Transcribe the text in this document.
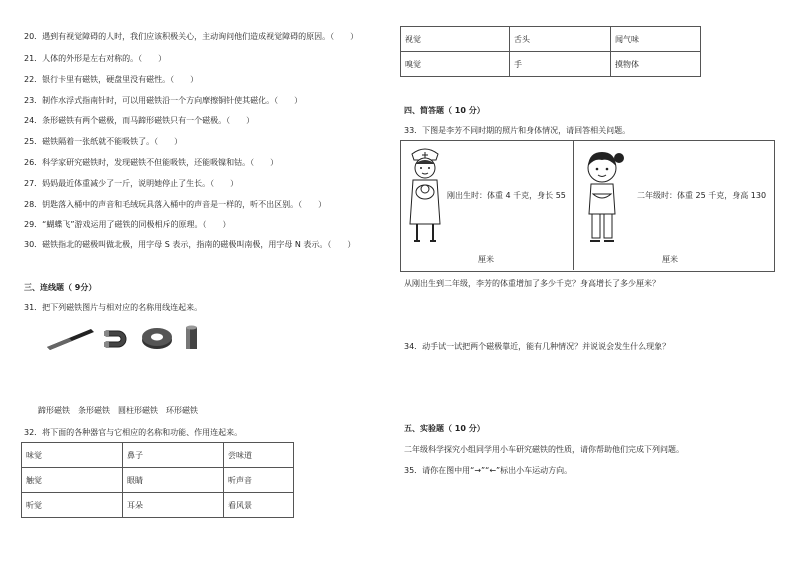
20．遇到有视觉障碍的人时，我们应该积极关心，主动询问他们造成视觉障碍的原因。（　　）
21．人体的外形是左右对称的。（　　）
22．银行卡里有磁铁，硬盘里没有磁性。（　　）
23．制作水浮式指南针时，可以用磁铁沿一个方向摩擦铜针使其磁化。（　　）
24．条形磁铁有两个磁极，而马蹄形磁铁只有一个磁极。（　　）
25．磁铁隔着一张纸就不能吸铁了。（　　）
26．科学家研究磁铁时，发现磁铁不但能吸铁，还能吸镍和钴。（　　）
27．妈妈最近体重减少了一斤，说明她停止了生长。（　　）
28．钥匙落入桶中的声音和毛绒玩具落入桶中的声音是一样的，听不出区别。（　　）
29．“蝴蝶飞”游戏运用了磁铁的同极相斥的原理。（　　）
30．磁铁指北的磁极叫做北极，用字母 S 表示，指南的磁极叫南极，用字母 N 表示。（　　）
三、连线题（ 9分）
31．把下列磁铁图片与相对应的名称用线连起来。
蹄形磁铁　条形磁铁　圆柱形磁铁　环形磁铁
32．将下面的各种器官与它相应的名称和功能、作用连起来。
味觉	鼻子	尝味道
触觉	眼睛	听声音
听觉	耳朵	看风景
视觉	舌头	闻气味
嗅觉	手	摸物体
四、简答题（ 10 分）
33．下图是李芳不同时期的照片和身体情况，请回答相关问题。
刚出生时：体重 4 千克，身长 55
厘米
二年级时：体重 25 千克，身高 130
厘米
从刚出生到二年级，李芳的体重增加了多少千克？身高增长了多少厘米？
34．动手试一试把两个磁极靠近，能有几种情况？并说说会发生什么现象？
五、实验题（ 10 分）
二年级科学探究小组同学用小车研究磁铁的性质，请你帮助他们完成下列问题。
35．请你在图中用“→”“←”标出小车运动方向。
